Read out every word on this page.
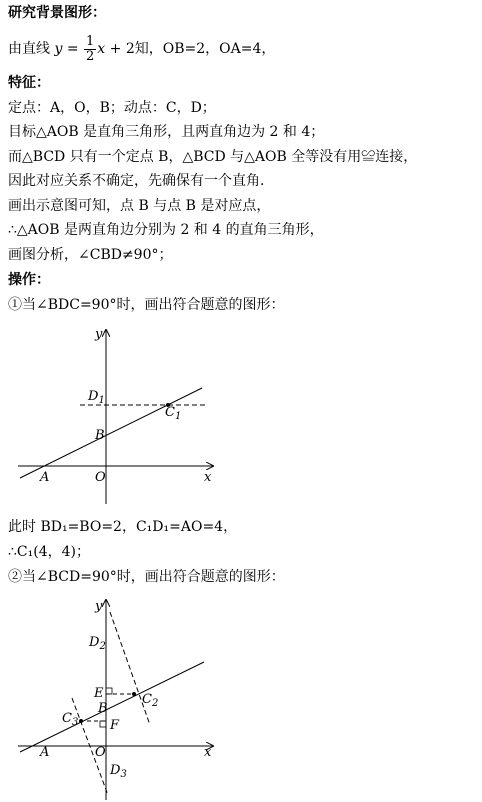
研究背景图形：
由直线 $y = \frac{1}{2}$ x + 2知，OB=2，OA=4，
特征：
定点：A，O，B；动点：C，D；
目标△AOB 是直角三角形，且两直角边为 2 和 4；
而△BCD 只有一个定点 B，△BCD 与△AOB 全等没有用≌连接，
因此对应关系不确定，先确保有一个直角．
画出示意图可知，点 B 与点 B 是对应点，
∴△AOB 是两直角边分别为 2 和 4 的直角三角形，
画图分析，∠CBD≠90°；
操作：
①当∠BDC=90°时，画出符合题意的图形：
y
x
O
A
B
$D_1$
$C_1$
此时 BD₁=BO=2，C₁D₁=AO=4，
∴C₁(4，4)；
②当∠BCD=90°时，画出符合题意的图形：
y
x
O
A
B
E
F
$D_2$
$C_2$
$C_3$
$D_3$
